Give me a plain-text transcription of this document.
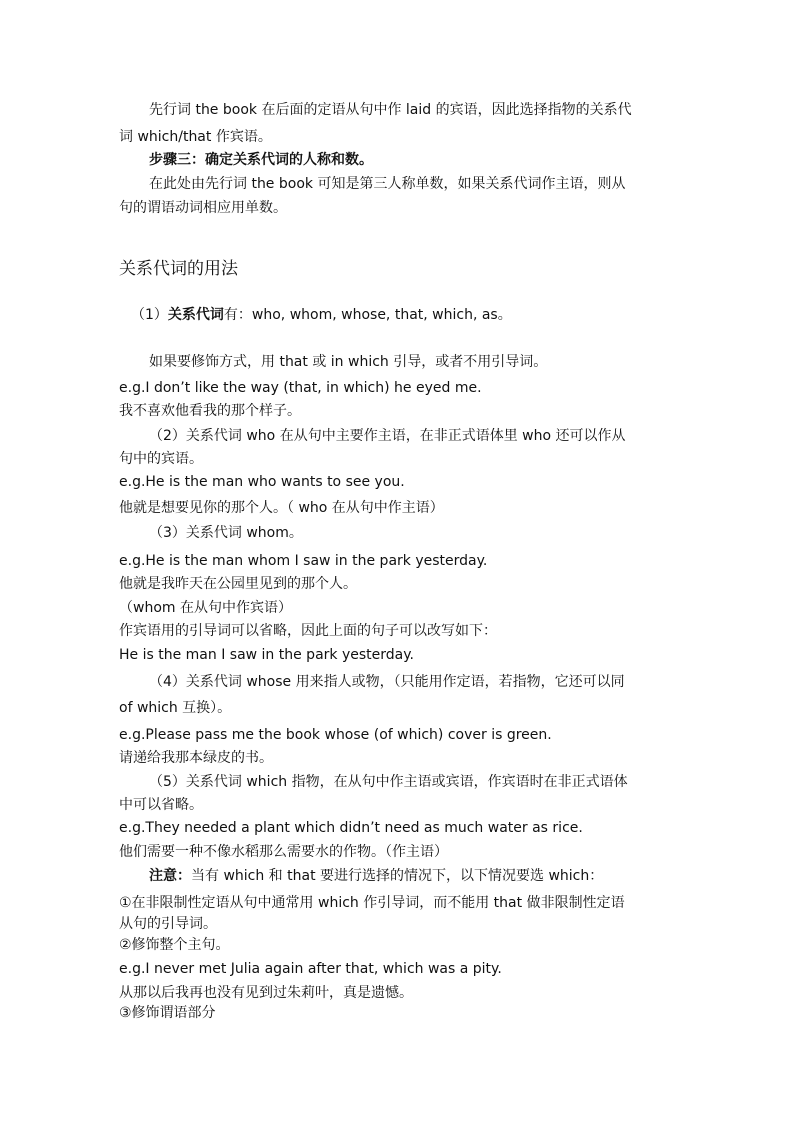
先行词 the book 在后面的定语从句中作 laid 的宾语，因此选择指物的关系代
词 which/that 作宾语。
步骤三：确定关系代词的人称和数。
在此处由先行词 the book 可知是第三人称单数，如果关系代词作主语，则从
句的谓语动词相应用单数。
关系代词的用法
（1）关系代词有：who, whom, whose, that, which, as。
如果要修饰方式，用 that 或 in which 引导，或者不用引导词。
e.g.I don’t like the way (that, in which) he eyed me.
我不喜欢他看我的那个样子。
（2）关系代词 who 在从句中主要作主语，在非正式语体里 who 还可以作从
句中的宾语。
e.g.He is the man who wants to see you.
他就是想要见你的那个人。（ who 在从句中作主语）
（3）关系代词 whom。
e.g.He is the man whom I saw in the park yesterday.
他就是我昨天在公园里见到的那个人。
（whom 在从句中作宾语）
作宾语用的引导词可以省略，因此上面的句子可以改写如下：
He is the man I saw in the park yesterday.
（4）关系代词 whose 用来指人或物，（只能用作定语，若指物，它还可以同
of which 互换）。
e.g.Please pass me the book whose (of which) cover is green.
请递给我那本绿皮的书。
（5）关系代词 which 指物，在从句中作主语或宾语，作宾语时在非正式语体
中可以省略。
e.g.They needed a plant which didn’t need as much water as rice.
他们需要一种不像水稻那么需要水的作物。（作主语）
注意：当有 which 和 that 要进行选择的情况下，以下情况要选 which：
①在非限制性定语从句中通常用 which 作引导词，而不能用 that 做非限制性定语
从句的引导词。
②修饰整个主句。
e.g.I never met Julia again after that, which was a pity.
从那以后我再也没有见到过朱莉叶，真是遗憾。
③修饰谓语部分
